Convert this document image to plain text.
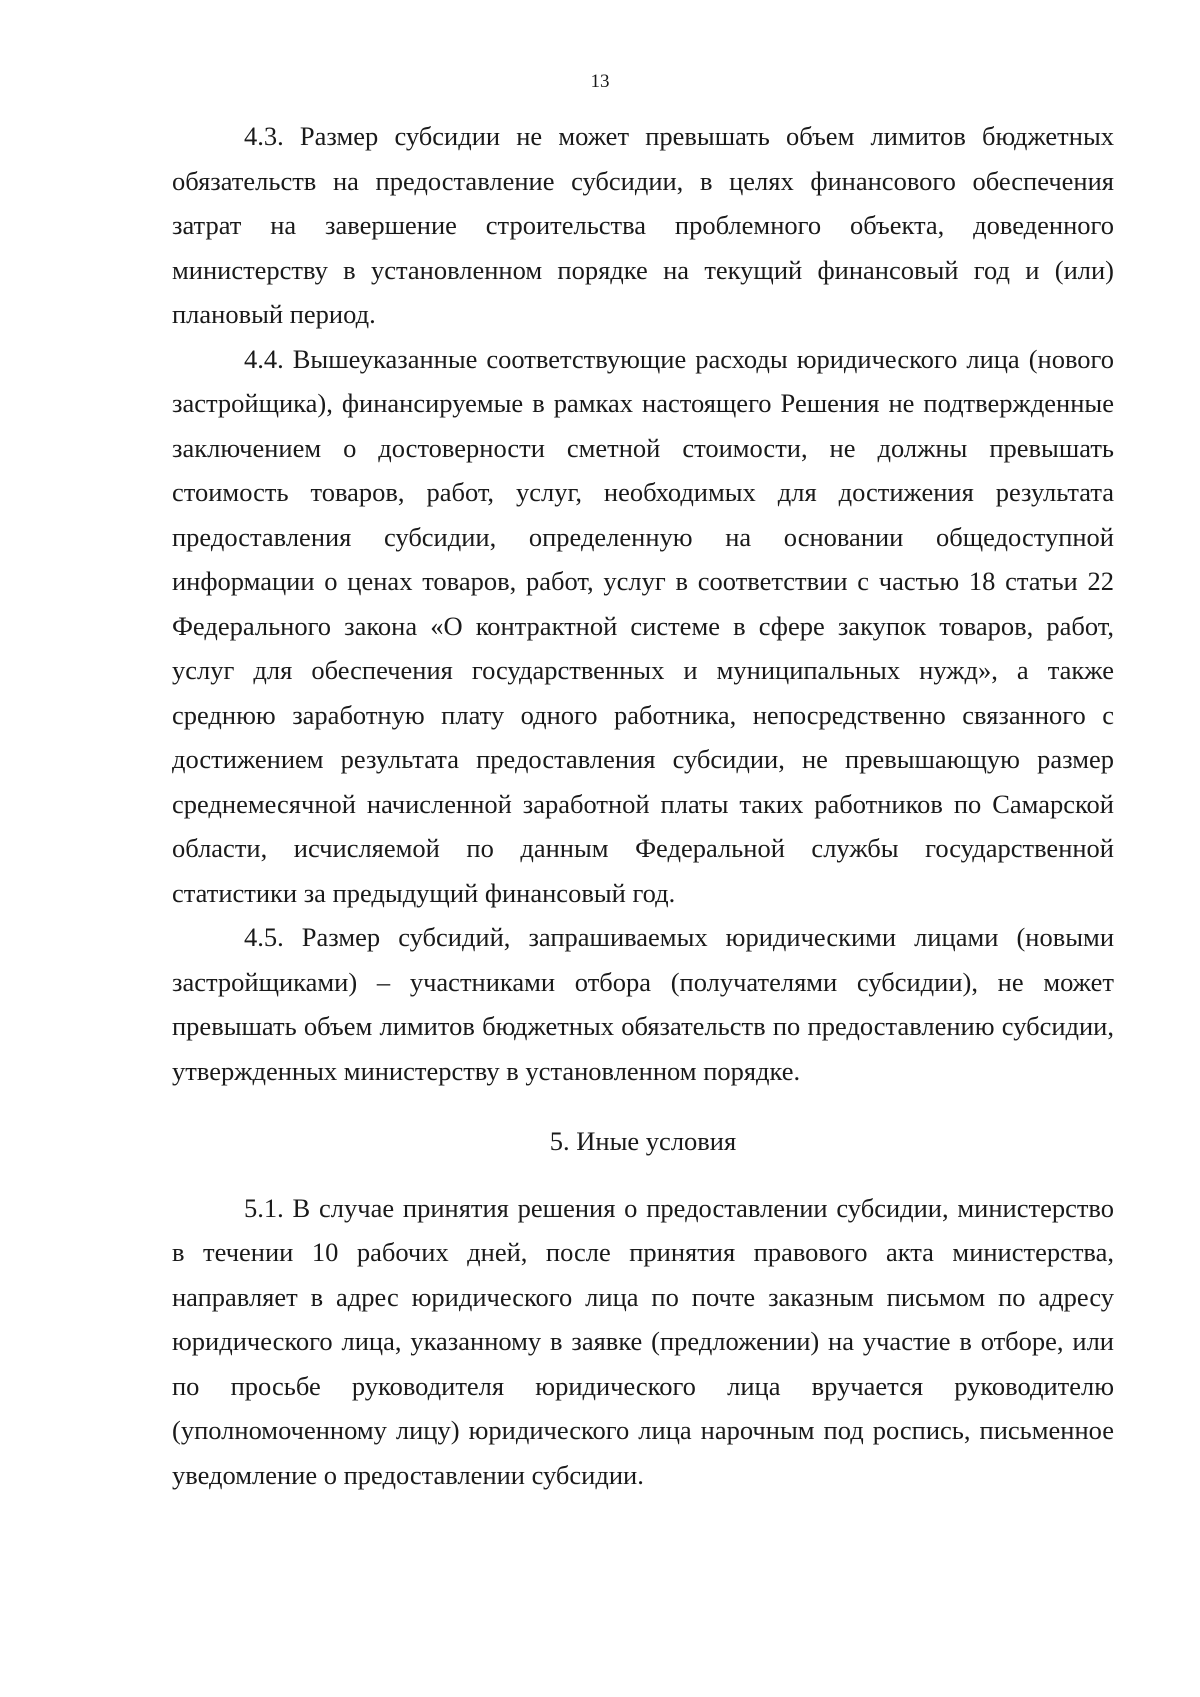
13

4.3. Размер субсидии не может превышать объем лимитов бюджетных обязательств на предоставление субсидии, в целях финансового обеспечения затрат на завершение строительства проблемного объекта, доведенного министерству в установленном порядке на текущий финансовый год и (или) плановый период.

4.4. Вышеуказанные соответствующие расходы юридического лица (нового застройщика), финансируемые в рамках настоящего Решения не подтвержденные заключением о достоверности сметной стоимости, не должны превышать стоимость товаров, работ, услуг, необходимых для достижения результата предоставления субсидии, определенную на основании общедоступной информации о ценах товаров, работ, услуг в соответствии с частью 18 статьи 22 Федерального закона «О контрактной системе в сфере закупок товаров, работ, услуг для обеспечения государственных и муниципальных нужд», а также среднюю заработную плату одного работника, непосредственно связанного с достижением результата предоставления субсидии, не превышающую размер среднемесячной начисленной заработной платы таких работников по Самарской области, исчисляемой по данным Федеральной службы государственной статистики за предыдущий финансовый год.

4.5. Размер субсидий, запрашиваемых юридическими лицами (новыми застройщиками) – участниками отбора (получателями субсидии), не может превышать объем лимитов бюджетных обязательств по предоставлению субсидии, утвержденных министерству в установленном порядке.

5. Иные условия

5.1. В случае принятия решения о предоставлении субсидии, министерство в течении 10 рабочих дней, после принятия правового акта министерства, направляет в адрес юридического лица по почте заказным письмом по адресу юридического лица, указанному в заявке (предложении) на участие в отборе, или по просьбе руководителя юридического лица вручается руководителю (уполномоченному лицу) юридического лица нарочным под роспись, письменное уведомление о предоставлении субсидии.
